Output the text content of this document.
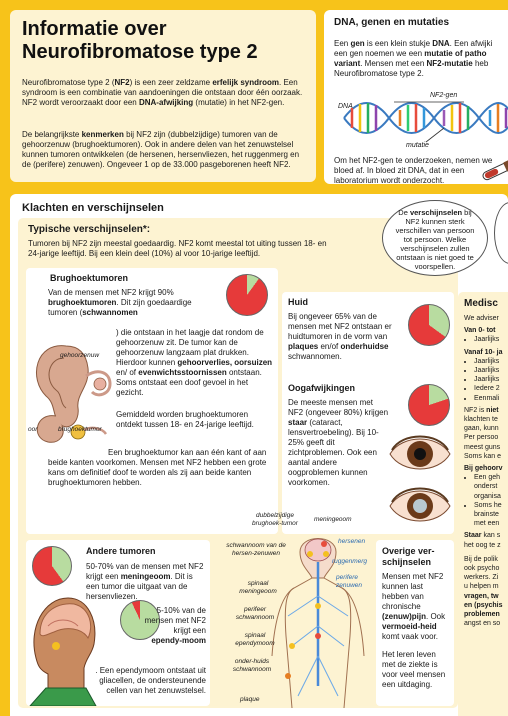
Informatie over
Neurofibromatose type 2
Neurofibromatose type 2 (NF2) is een zeer zeldzame erfelijk syndroom. Een syndroom is een combinatie van aandoeningen die ontstaan door één oorzaak. NF2 wordt veroorzaakt door een DNA-afwijking (mutatie) in het NF2-gen.
De belangrijkste kenmerken bij NF2 zijn (dubbelzijdige) tumoren van de gehoorzenuw (brughoektumoren). Ook in andere delen van het zenuwstelsel kunnen tumoren ontwikkelen (de hersenen, hersenvliezen, het ruggenmerg en de (perifere) zenuwen). Ongeveer 1 op de 33.000 pasgeborenen heeft NF2.
DNA, genen en mutaties
Een gen is een klein stukje DNA. Een afwijki
een gen noemen we een mutatie of patho
variant. Mensen met een NF2-mutatie heb
Neurofibromatose type 2.
DNA
NF2-gen
mutatie
Om het NF2-gen te onderzoeken, nemen we bloed af. In bloed zit DNA, dat in een laboratorium wordt onderzocht.
Klachten en verschijnselen
Typische verschijnselen*:
Tumoren bij NF2 zijn meestal goedaardig. NF2 komt meestal tot uiting tussen 18- en 24-jarige leeftijd. Bij een klein deel (10%) al voor 10-jarige leeftijd.
Brughoektumoren
Van de mensen met NF2 krijgt 90% brughoektumoren. Dit zijn goedaardige tumoren (schwannomen
) die ontstaan in het laagje dat rondom de gehoorzenuw zit. De tumor kan de gehoorzenuw langzaam plat drukken. Hierdoor kunnen gehoorverlies, oorsuizen en/ of evenwichtsstoornissen ontstaan. Soms ontstaat een doof gevoel in het gezicht.
Gemiddeld worden brughoektumoren ontdekt tussen 18- en 24-jarige leeftijd.
Een brughoektumor kan aan één kant of aan beide kanten voorkomen. Mensen met NF2 hebben een grote kans om definitief doof te worden als zij aan beide kanten brughoektumoren hebben.
gehoorzenuw
oor	brughoektumor
Huid
Bij ongeveer 65% van de mensen met NF2 ontstaan er huidtumoren in de vorm van plaques en/of onderhuidse schwannomen.
Oogafwijkingen
De meeste mensen met NF2 (ongeveer 80%) krijgen staar (cataract, lensvertroebeling). Bij 10-25% geeft dit zichtproblemen. Ook een aantal andere oogproblemen kunnen voorkomen.
Andere tumoren
50-70% van de mensen met NF2 krijgt een meningeoom. Dit is een tumor die uitgaat van de hersenvliezen.
5-10% van de mensen met NF2 krijgt een ependy-moom
. Een ependymoom ontstaat uit gliacellen, de ondersteunende cellen van het zenuwstelsel.
dubbelzijdige brughoek-tumor	meningeoom
schwannoom van de hersen-zenuwen
hersenen
ruggenmerg
spinaal meningeoom
perifere zenuwen
perifeer schwannoom
spinaal ependymoom
onder-huids schwannoom
plaque
Overige ver-schijnselen
Mensen met NF2 kunnen last hebben van chronische (zenuw)pijn. Ook vermoeid-heid komt vaak voor.
Het leren leven met de ziekte is voor veel mensen een uitdaging.
De verschijnselen bij NF2 kunnen sterk verschillen van persoon tot persoon. Welke verschijnselen zullen ontstaan is niet goed te voorspellen.
Medisc
We adviser
Van 0- tot
• Jaarlijks
Vanaf 10- ja
• Jaarlijks
• Jaarlijks
• Jaarlijks
• Iedere 2
• Eenmali
NF2 is niet
klachten te
gaan, kunn
Per persoo
meest guns
Soms kan e
Bij gehoorv
• Een geh
onderst
organisa
• Soms he
brainste
met een
Staar kan s
het oog te z
Bij de polik
ook psycho
werkers. Zi
u helpen m
vragen, tw
en (psychis
problemen
angst en so
